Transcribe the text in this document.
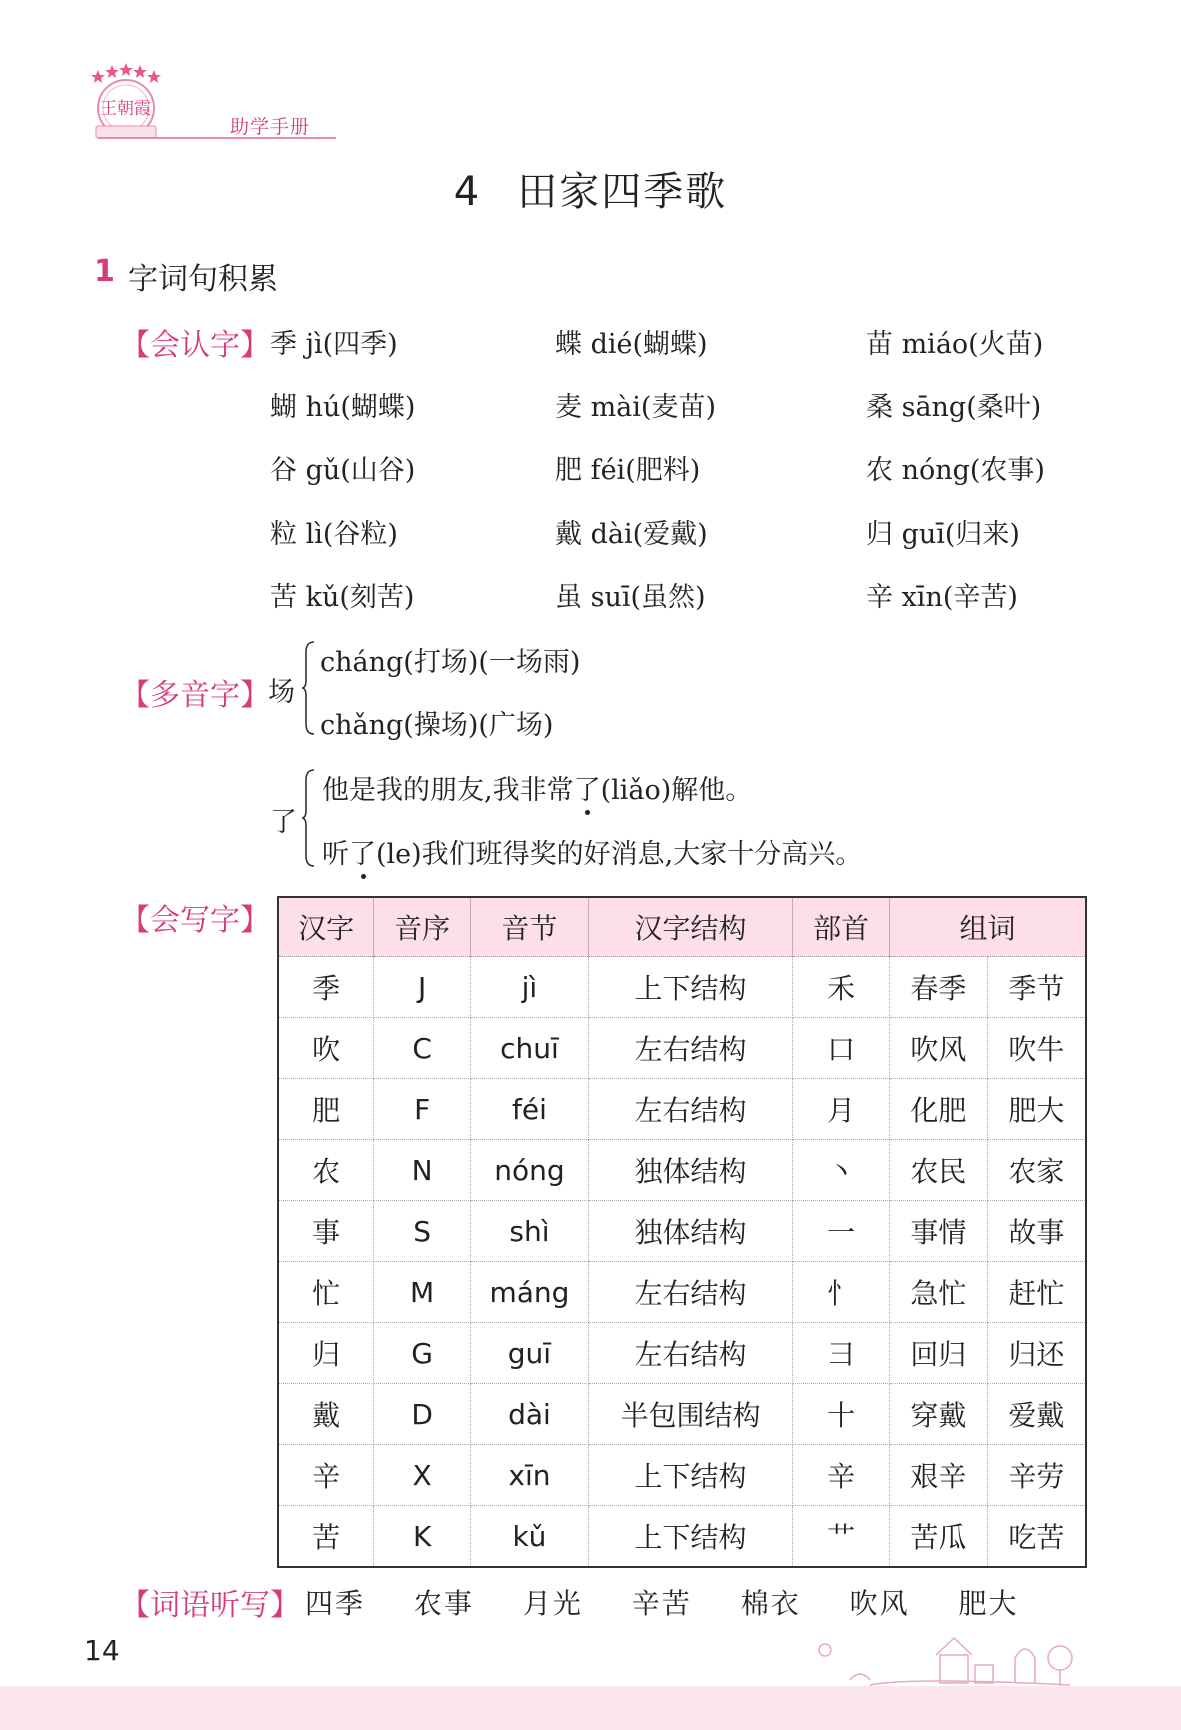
王朝霞
助学手册
4 田家四季歌
1 字词句积累
【会认字】 季 jì(四季)	蝶 dié(蝴蝶)	苗 miáo(火苗)
蝴 hú(蝴蝶)	麦 mài(麦苗)	桑 sāng(桑叶)
谷 gǔ(山谷)	肥 féi(肥料)	农 nóng(农事)
粒 lì(谷粒)	戴 dài(爱戴)	归 guī(归来)
苦 kǔ(刻苦)	虽 suī(虽然)	辛 xīn(辛苦)
【多音字】
场
cháng(打场)(一场雨)
chǎng(操场)(广场)
了
他是我的朋友,我非常了(liǎo)解他。
听了(le)我们班得奖的好消息,大家十分高兴。
【会写字】 汉字	音序	音节	汉字结构	部首	组词	
季	J	jì	上下结构	禾	春季	季节
吹	C	chuī	左右结构	口	吹风	吹牛
肥	F	féi	左右结构	月	化肥	肥大
农	N	nóng	独体结构	丶	农民	农家
事	S	shì	独体结构	一	事情	故事
忙	M	máng	左右结构	忄	急忙	赶忙
归	G	guī	左右结构	彐	回归	归还
戴	D	dài	半包围结构	十	穿戴	爱戴
辛	X	xīn	上下结构	辛	艰辛	辛劳
苦	K	kǔ	上下结构	艹	苦瓜	吃苦
【词语听写】 四季 农事 月光 辛苦 棉衣 吹风 肥大
14
